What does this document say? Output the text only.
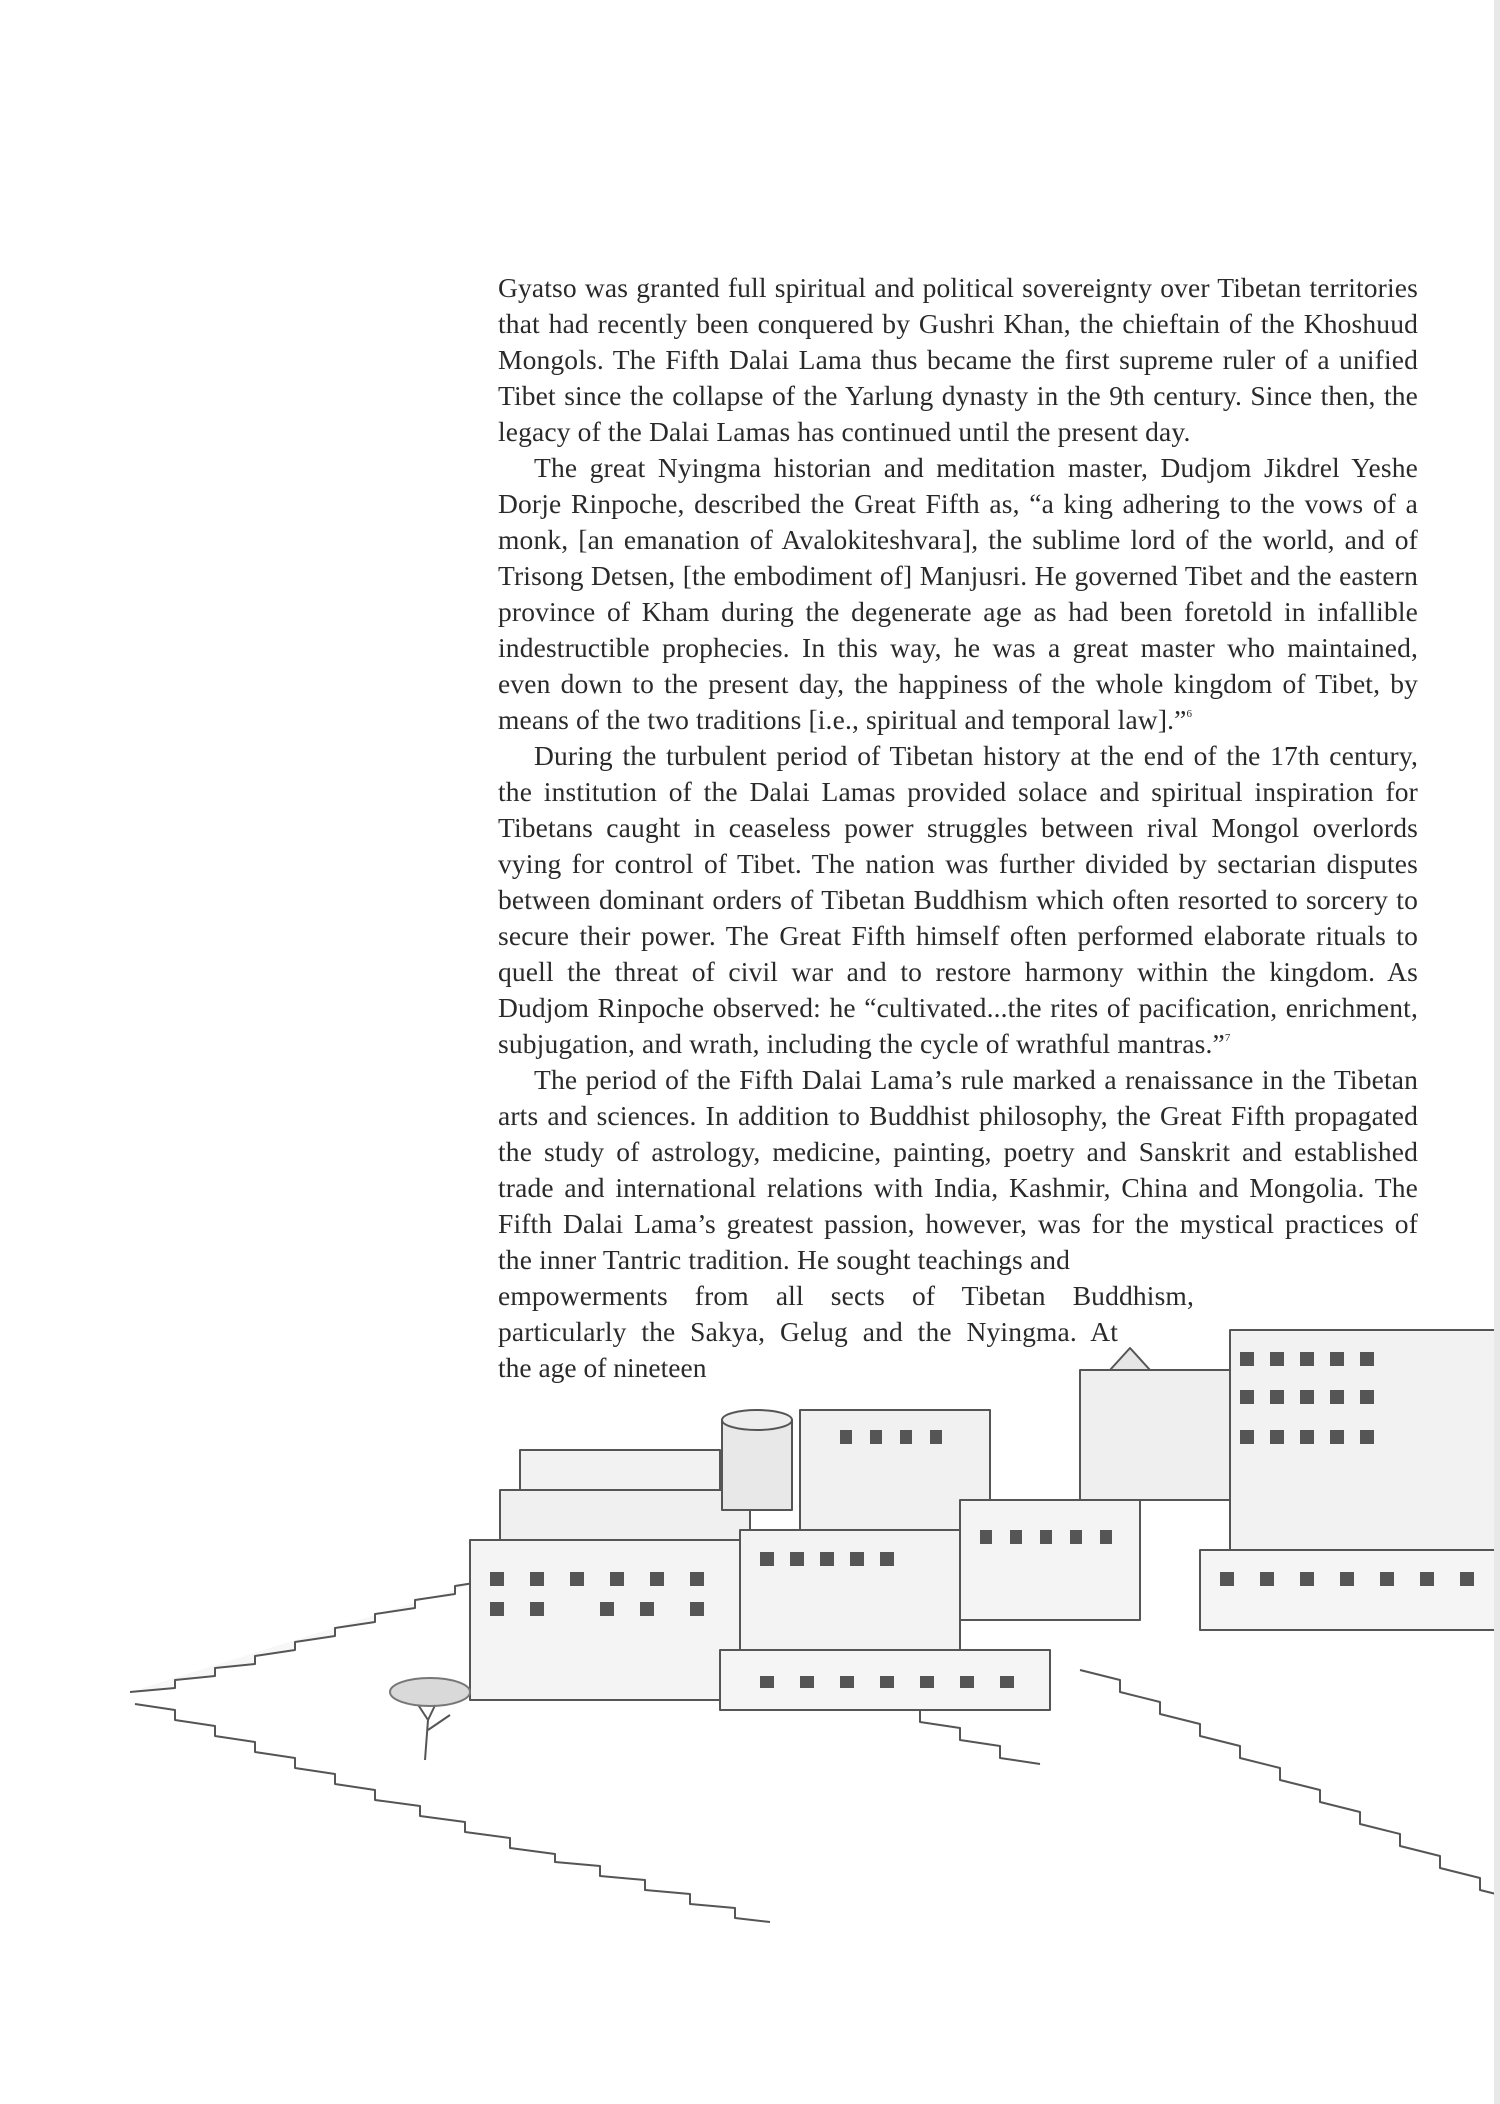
Gyatso was granted full spiritual and political sovereignty over Tibetan territories that had recently been conquered by Gushri Khan, the chieftain of the Khoshuud Mongols. The Fifth Dalai Lama thus became the first supreme ruler of a unified Tibet since the collapse of the Yarlung dynasty in the 9th century. Since then, the legacy of the Dalai Lamas has continued until the present day.

The great Nyingma historian and meditation master, Dudjom Jikdrel Yeshe Dorje Rinpoche, described the Great Fifth as, “a king adhering to the vows of a monk, [an emanation of Avalokiteshvara], the sublime lord of the world, and of Trisong Detsen, [the embodiment of] Manjusri. He governed Tibet and the eastern province of Kham during the degenerate age as had been foretold in infallible indestructible prophecies. In this way, he was a great master who maintained, even down to the present day, the happiness of the whole kingdom of Tibet, by means of the two traditions [i.e., spiritual and temporal law].”$^6$

During the turbulent period of Tibetan history at the end of the 17th century, the institution of the Dalai Lamas provided solace and spiritual inspiration for Tibetans caught in ceaseless power struggles between rival Mongol overlords vying for control of Tibet. The nation was further divided by sectarian disputes between dominant orders of Tibetan Buddhism which often resorted to sorcery to secure their power. The Great Fifth himself often performed elaborate rituals to quell the threat of civil war and to restore harmony within the kingdom. As Dudjom Rinpoche observed: he “cultivated...the rites of pacification, enrichment, subjugation, and wrath, including the cycle of wrathful mantras.”$^7$

The period of the Fifth Dalai Lama’s rule marked a renaissance in the Tibetan arts and sciences. In addition to Buddhist philosophy, the Great Fifth propagated the study of astrology, medicine, painting, poetry and Sanskrit and established trade and international relations with India, Kashmir, China and Mongolia. The Fifth Dalai Lama’s greatest passion, however, was for the mystical practices of the inner Tantric tradition. He sought teachings and

empowerments from all sects of Tibetan Buddhism,

particularly the Sakya, Gelug and the Nyingma. At

the age of nineteen
